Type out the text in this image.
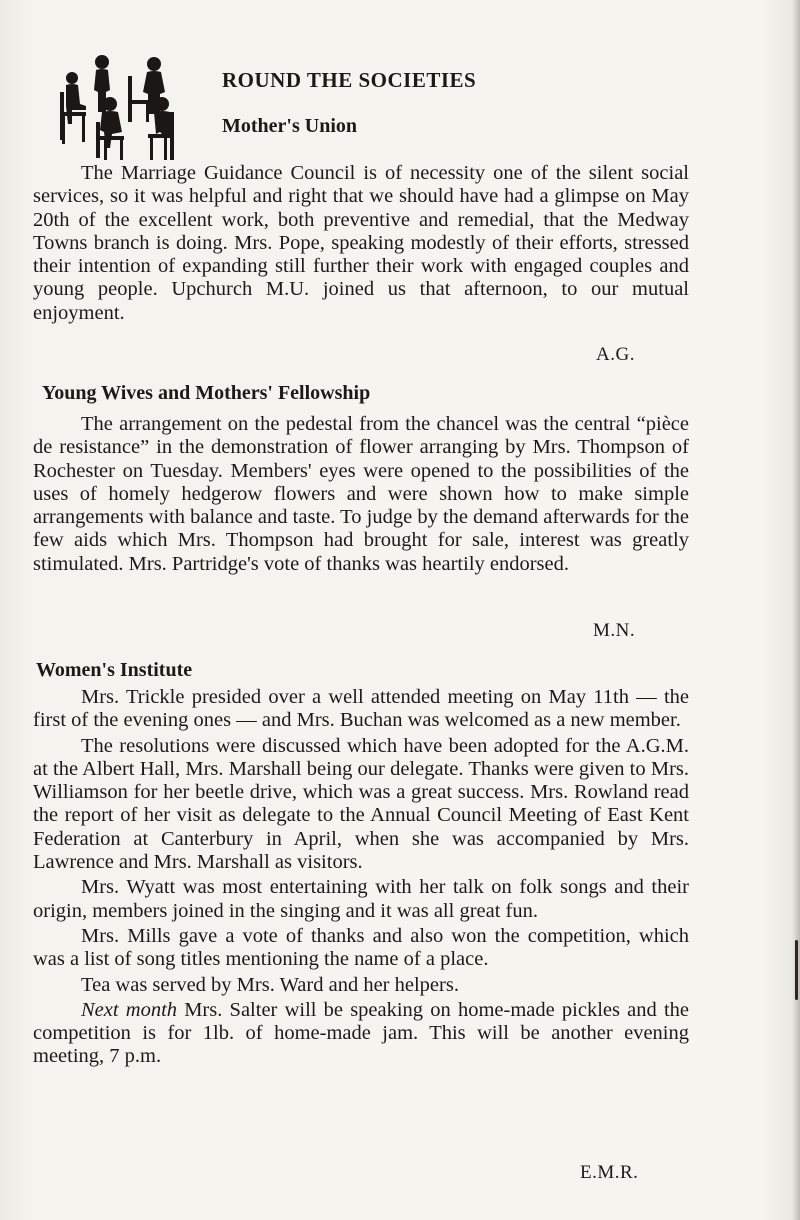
ROUND THE SOCIETIES

Mother's Union

The Marriage Guidance Council is of necessity one of the silent social services, so it was helpful and right that we should have had a glimpse on May 20th of the excellent work, both preventive and remedial, that the Medway Towns branch is doing. Mrs. Pope, speaking modestly of their efforts, stressed their intention of expanding still further their work with engaged couples and young people. Upchurch M.U. joined us that afternoon, to our mutual enjoyment.

A.G.
Young Wives and Mothers' Fellowship

The arrangement on the pedestal from the chancel was the central “pièce de resistance” in the demonstration of flower arranging by Mrs. Thompson of Rochester on Tuesday. Members' eyes were opened to the possibilities of the uses of homely hedgerow flowers and were shown how to make simple arrangements with balance and taste. To judge by the demand afterwards for the few aids which Mrs. Thompson had brought for sale, interest was greatly stimulated. Mrs. Partridge's vote of thanks was heartily endorsed.

M.N.
Women's Institute

Mrs. Trickle presided over a well attended meeting on May 11th — the first of the evening ones — and Mrs. Buchan was welcomed as a new member.

The resolutions were discussed which have been adopted for the A.G.M. at the Albert Hall, Mrs. Marshall being our delegate. Thanks were given to Mrs. Williamson for her beetle drive, which was a great success. Mrs. Rowland read the report of her visit as delegate to the Annual Council Meeting of East Kent Federation at Canterbury in April, when she was accompanied by Mrs. Lawrence and Mrs. Marshall as visitors.

Mrs. Wyatt was most entertaining with her talk on folk songs and their origin, members joined in the singing and it was all great fun.

Mrs. Mills gave a vote of thanks and also won the competition, which was a list of song titles mentioning the name of a place.

Tea was served by Mrs. Ward and her helpers.

Next month Mrs. Salter will be speaking on home-made pickles and the competition is for 1lb. of home-made jam. This will be another evening meeting, 7 p.m.

E.M.R.
